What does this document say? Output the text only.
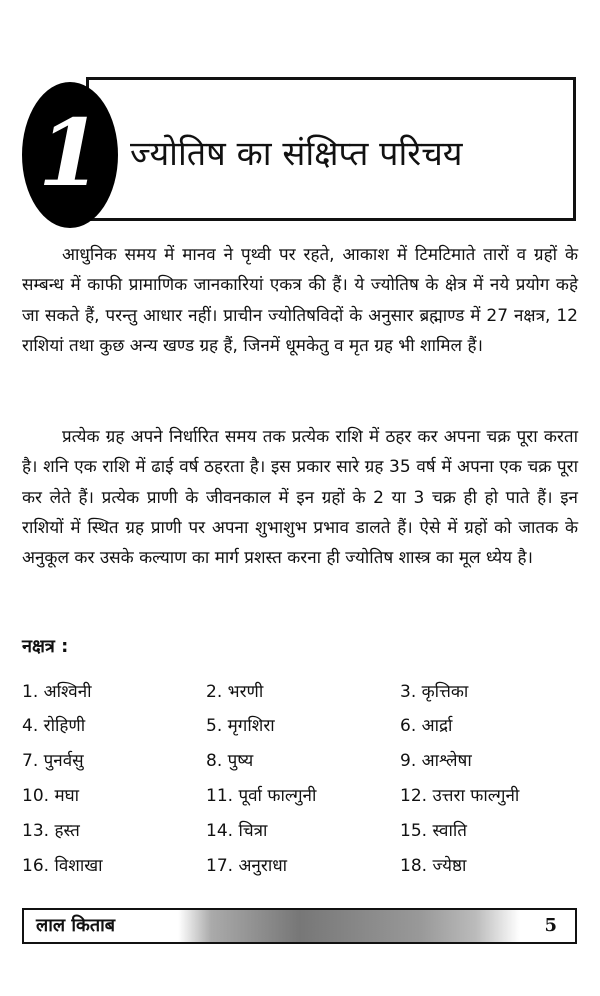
1 ज्योतिष का संक्षिप्त परिचय

आधुनिक समय में मानव ने पृथ्वी पर रहते, आकाश में टिमटिमाते तारों व ग्रहों के सम्बन्ध में काफी प्रामाणिक जानकारियां एकत्र की हैं। ये ज्योतिष के क्षेत्र में नये प्रयोग कहे जा सकते हैं, परन्तु आधार नहीं। प्राचीन ज्योतिषविदों के अनुसार ब्रह्माण्ड में 27 नक्षत्र, 12 राशियां तथा कुछ अन्य खण्ड ग्रह हैं, जिनमें धूमकेतु व मृत ग्रह भी शामिल हैं।

प्रत्येक ग्रह अपने निर्धारित समय तक प्रत्येक राशि में ठहर कर अपना चक्र पूरा करता है। शनि एक राशि में ढाई वर्ष ठहरता है। इस प्रकार सारे ग्रह 35 वर्ष में अपना एक चक्र पूरा कर लेते हैं। प्रत्येक प्राणी के जीवनकाल में इन ग्रहों के 2 या 3 चक्र ही हो पाते हैं। इन राशियों में स्थित ग्रह प्राणी पर अपना शुभाशुभ प्रभाव डालते हैं। ऐसे में ग्रहों को जातक के अनुकूल कर उसके कल्याण का मार्ग प्रशस्त करना ही ज्योतिष शास्त्र का मूल ध्येय है।

नक्षत्र :
1. अश्विनी	2. भरणी	3. कृत्तिका
4. रोहिणी	5. मृगशिरा	6. आर्द्रा
7. पुनर्वसु	8. पुष्य	9. आश्लेषा
10. मघा	11. पूर्वा फाल्गुनी	12. उत्तरा फाल्गुनी
13. हस्त	14. चित्रा	15. स्वाति
16. विशाखा	17. अनुराधा	18. ज्येष्ठा
लाल किताब	5
